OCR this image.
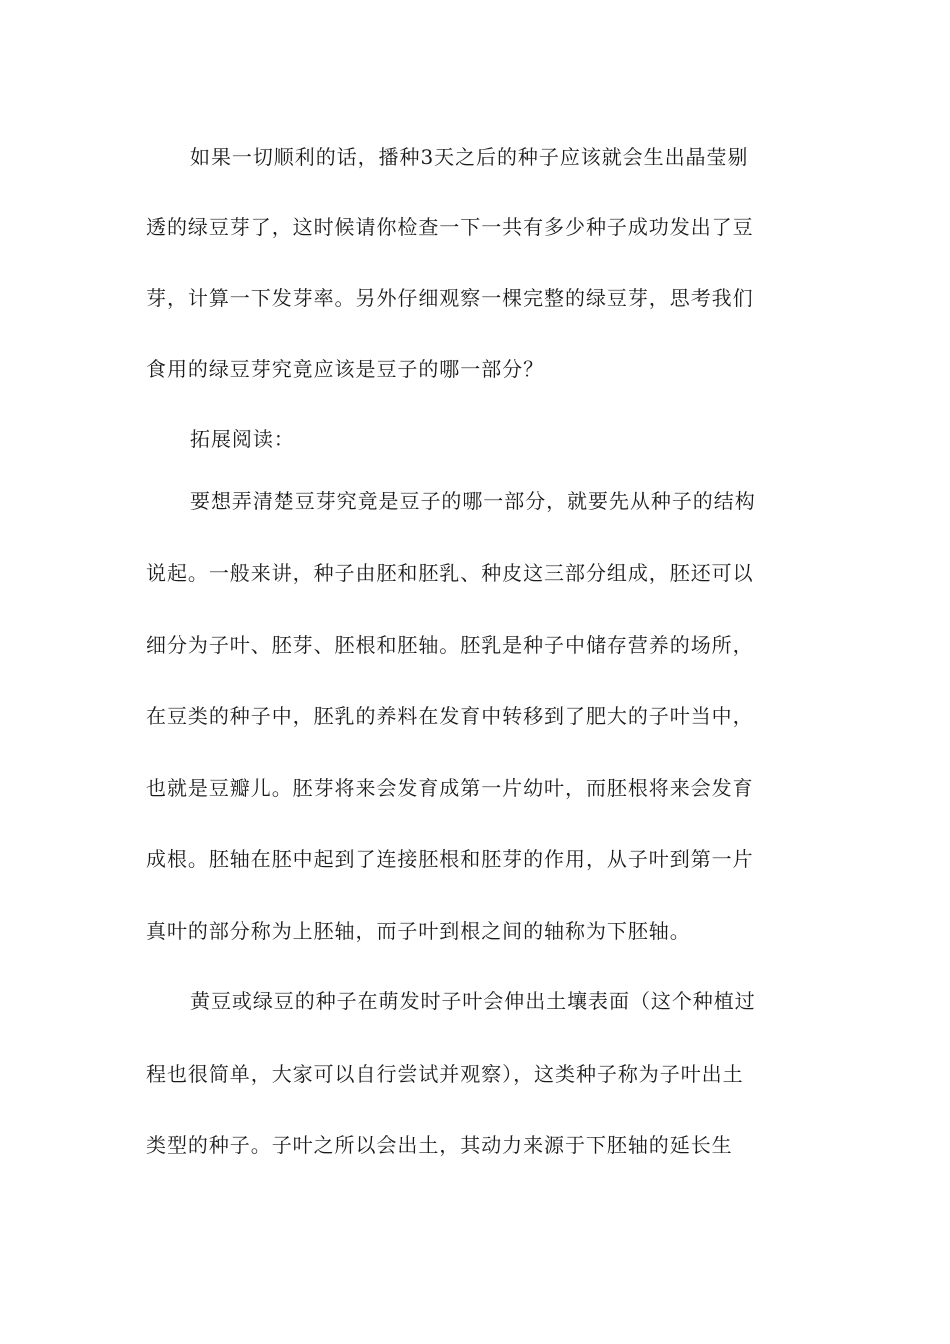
如果一切顺利的话，播种3天之后的种子应该就会生出晶莹剔
透的绿豆芽了，这时候请你检查一下一共有多少种子成功发出了豆
芽，计算一下发芽率。另外仔细观察一棵完整的绿豆芽，思考我们
食用的绿豆芽究竟应该是豆子的哪一部分？
拓展阅读：
要想弄清楚豆芽究竟是豆子的哪一部分，就要先从种子的结构
说起。一般来讲，种子由胚和胚乳、种皮这三部分组成，胚还可以
细分为子叶、胚芽、胚根和胚轴。胚乳是种子中储存营养的场所，
在豆类的种子中，胚乳的养料在发育中转移到了肥大的子叶当中，
也就是豆瓣儿。胚芽将来会发育成第一片幼叶，而胚根将来会发育
成根。胚轴在胚中起到了连接胚根和胚芽的作用，从子叶到第一片
真叶的部分称为上胚轴，而子叶到根之间的轴称为下胚轴。
黄豆或绿豆的种子在萌发时子叶会伸出土壤表面（这个种植过
程也很简单，大家可以自行尝试并观察），这类种子称为子叶出土
类型的种子。子叶之所以会出土，其动力来源于下胚轴的延长生
